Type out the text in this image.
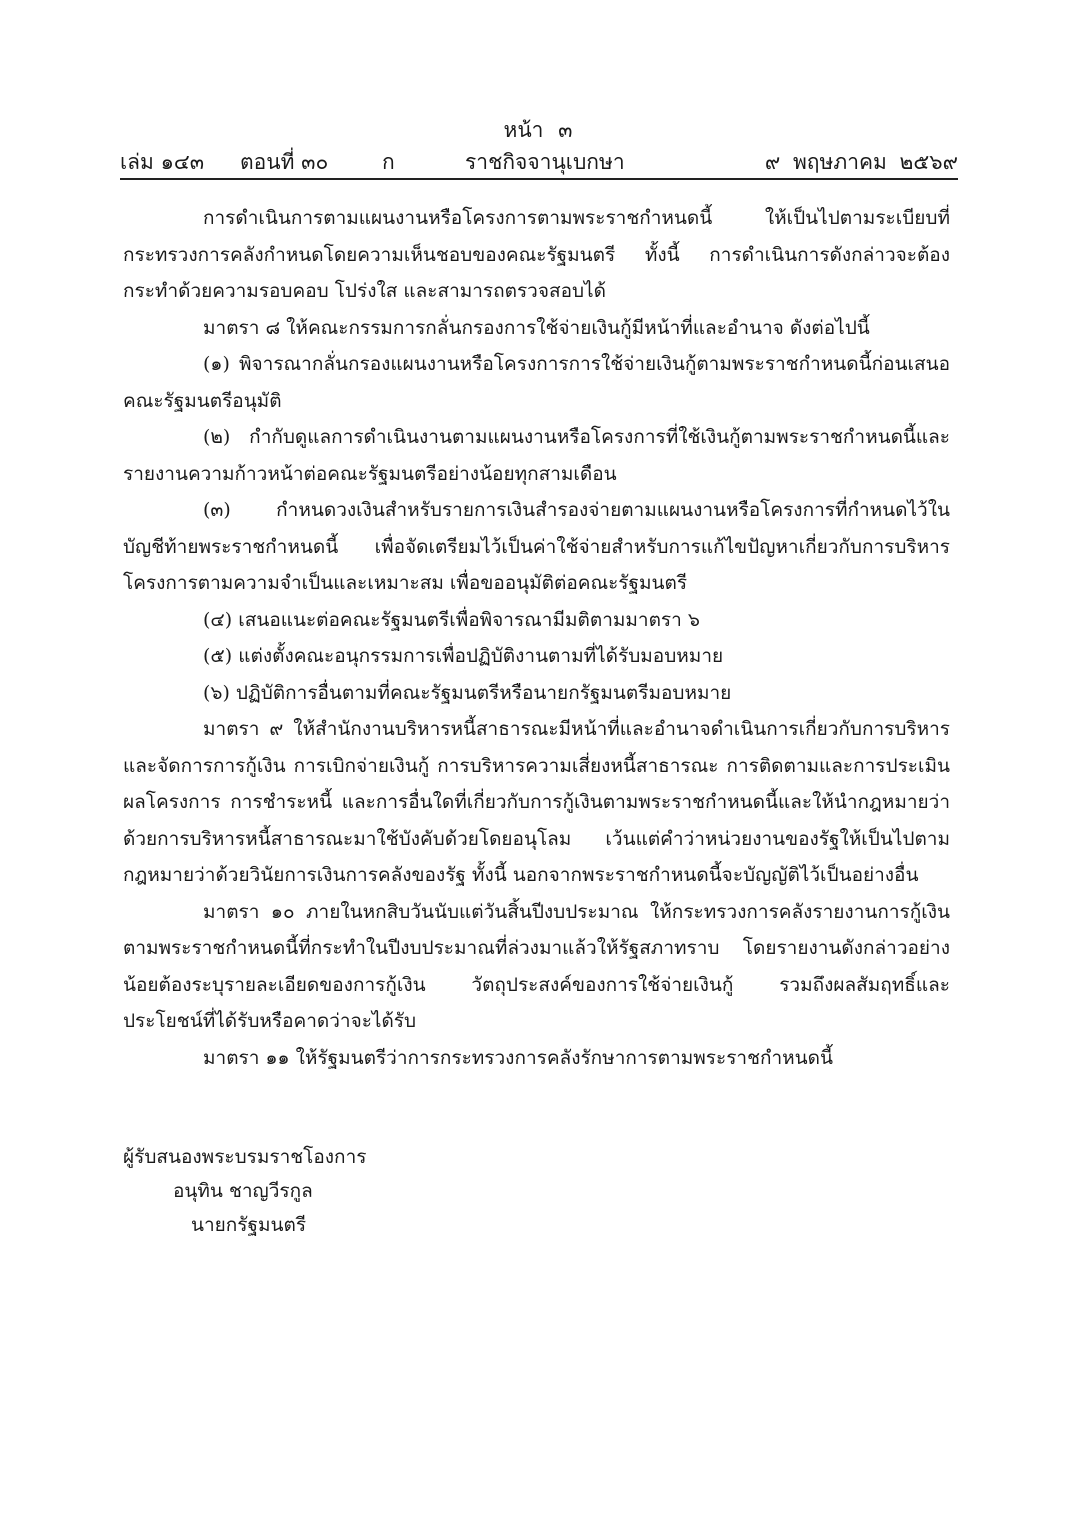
หน้า ๓
เล่ม ๑๔๓ ตอนที่ ๓๐	ก	ราชกิจจานุเบกษา	๙ พฤษภาคม ๒๕๖๙

การดำเนินการตามแผนงานหรือโครงการตามพระราชกำหนดนี้ ให้เป็นไปตามระเบียบที่กระทรวงการคลังกำหนดโดยความเห็นชอบของคณะรัฐมนตรี ทั้งนี้ การดำเนินการดังกล่าวจะต้องกระทำด้วยความรอบคอบ โปร่งใส และสามารถตรวจสอบได้

มาตรา ๘ ให้คณะกรรมการกลั่นกรองการใช้จ่ายเงินกู้มีหน้าที่และอำนาจ ดังต่อไปนี้

(๑) พิจารณากลั่นกรองแผนงานหรือโครงการการใช้จ่ายเงินกู้ตามพระราชกำหนดนี้ก่อนเสนอคณะรัฐมนตรีอนุมัติ

(๒) กำกับดูแลการดำเนินงานตามแผนงานหรือโครงการที่ใช้เงินกู้ตามพระราชกำหนดนี้และรายงานความก้าวหน้าต่อคณะรัฐมนตรีอย่างน้อยทุกสามเดือน

(๓) กำหนดวงเงินสำหรับรายการเงินสำรองจ่ายตามแผนงานหรือโครงการที่กำหนดไว้ในบัญชีท้ายพระราชกำหนดนี้ เพื่อจัดเตรียมไว้เป็นค่าใช้จ่ายสำหรับการแก้ไขปัญหาเกี่ยวกับการบริหารโครงการตามความจำเป็นและเหมาะสม เพื่อขออนุมัติต่อคณะรัฐมนตรี

(๔) เสนอแนะต่อคณะรัฐมนตรีเพื่อพิจารณามีมติตามมาตรา ๖

(๕) แต่งตั้งคณะอนุกรรมการเพื่อปฏิบัติงานตามที่ได้รับมอบหมาย

(๖) ปฏิบัติการอื่นตามที่คณะรัฐมนตรีหรือนายกรัฐมนตรีมอบหมาย

มาตรา ๙ ให้สำนักงานบริหารหนี้สาธารณะมีหน้าที่และอำนาจดำเนินการเกี่ยวกับการบริหารและจัดการการกู้เงิน การเบิกจ่ายเงินกู้ การบริหารความเสี่ยงหนี้สาธารณะ การติดตามและการประเมินผลโครงการ การชำระหนี้ และการอื่นใดที่เกี่ยวกับการกู้เงินตามพระราชกำหนดนี้และให้นำกฎหมายว่าด้วยการบริหารหนี้สาธารณะมาใช้บังคับด้วยโดยอนุโลม เว้นแต่คำว่าหน่วยงานของรัฐให้เป็นไปตามกฎหมายว่าด้วยวินัยการเงินการคลังของรัฐ ทั้งนี้ นอกจากพระราชกำหนดนี้จะบัญญัติไว้เป็นอย่างอื่น

มาตรา ๑๐ ภายในหกสิบวันนับแต่วันสิ้นปีงบประมาณ ให้กระทรวงการคลังรายงานการกู้เงินตามพระราชกำหนดนี้ที่กระทำในปีงบประมาณที่ล่วงมาแล้วให้รัฐสภาทราบ โดยรายงานดังกล่าวอย่างน้อยต้องระบุรายละเอียดของการกู้เงิน วัตถุประสงค์ของการใช้จ่ายเงินกู้ รวมถึงผลสัมฤทธิ์และประโยชน์ที่ได้รับหรือคาดว่าจะได้รับ

มาตรา ๑๑ ให้รัฐมนตรีว่าการกระทรวงการคลังรักษาการตามพระราชกำหนดนี้

ผู้รับสนองพระบรมราชโองการ
อนุทิน ชาญวีรกูล
นายกรัฐมนตรี
